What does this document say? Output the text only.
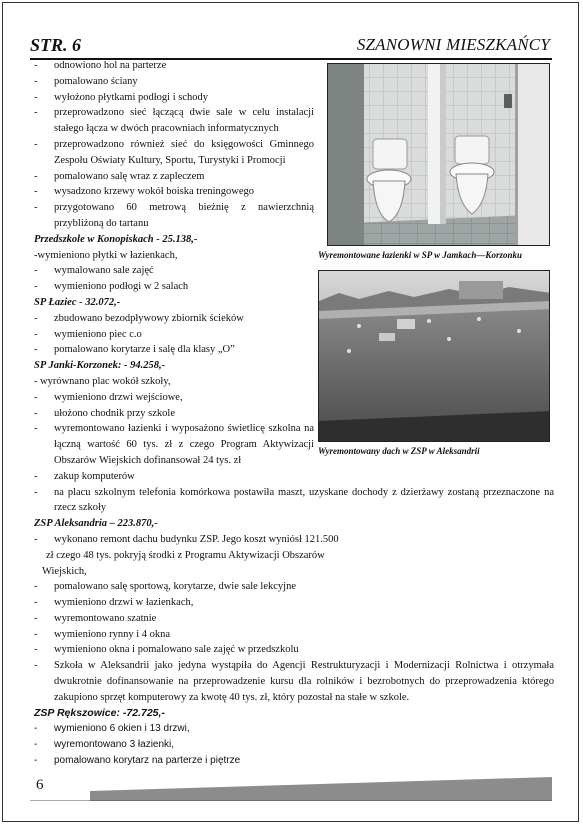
STR. 6	SZANOWNI MIESZKAŃCY
- odnowiono hol na parterze
- pomalowano ściany
- wyłożono płytkami podłogi i schody
- przeprowadzono sieć łączącą dwie sale w celu instalacji stałego łącza w dwóch pracowniach informatycznych
- przeprowadzono również sieć do księgowości Gminnego Zespołu Oświaty Kultury, Sportu, Turystyki i Promocji
- pomalowano salę wraz z zapleczem
- wysadzono krzewy wokół boiska treningowego
- przygotowano 60 metrową bieżnię z nawierzchnią przybliżoną do tartanu
Przedszkole w Konopiskach - 25.138,-
-wymieniono płytki w łazienkach,
- wymalowano sale zajęć
- wymieniono podłogi w 2 salach
SP Łaziec - 32.072,-
- zbudowano bezodpływowy zbiornik ścieków
- wymieniono piec c.o
- pomalowano korytarze i salę dla klasy „O”
SP Janki-Korzonek: - 94.258,-
- wyrównano plac wokół szkoły,
- wymieniono drzwi wejściowe,
- ułożono chodnik przy szkole
- wyremontowano łazienki i wyposażono świetlicę szkolna na łączną wartość 60 tys. zł z czego Program Aktywizacji Obszarów Wiejskich dofinansował 24 tys. zł
- zakup komputerów
- na placu szkolnym telefonia komórkowa postawiła maszt, uzyskane dochody z dzierżawy zostaną przeznaczone na rzecz szkoły
ZSP Aleksandria – 223.870,-
- wykonano remont dachu budynku ZSP. Jego koszt wyniósł 121.500
zł czego 48 tys. pokryją środki z Programu Aktywizacji Obszarów
Wiejskich,
- pomalowano salę sportową, korytarze, dwie sale lekcyjne
- wymieniono drzwi w łazienkach,
- wyremontowano szatnie
- wymieniono rynny i 4 okna
- wymieniono okna i pomalowano sale zajęć w przedszkolu
- Szkoła w Aleksandrii jako jedyna wystąpiła do Agencji Restrukturyzacji i Modernizacji Rolnictwa i otrzymała dwukrotnie dofinansowanie na przeprowadzenie kursu dla rolników i bezrobotnych do przeprowadzenia którego zakupiono sprzęt komputerowy za kwotę 40 tys. zł, który pozostał na stałe w szkole.
ZSP Rększowice: -72.725,-
- wymieniono 6 okien i 13 drzwi,
- wyremontowano 3 łazienki,
- pomalowano korytarz na parterze i piętrze
Wyremontowane łazienki w SP w Jamkach—Korzonku
Wyremontowany dach w ZSP w Aleksandrii
6
